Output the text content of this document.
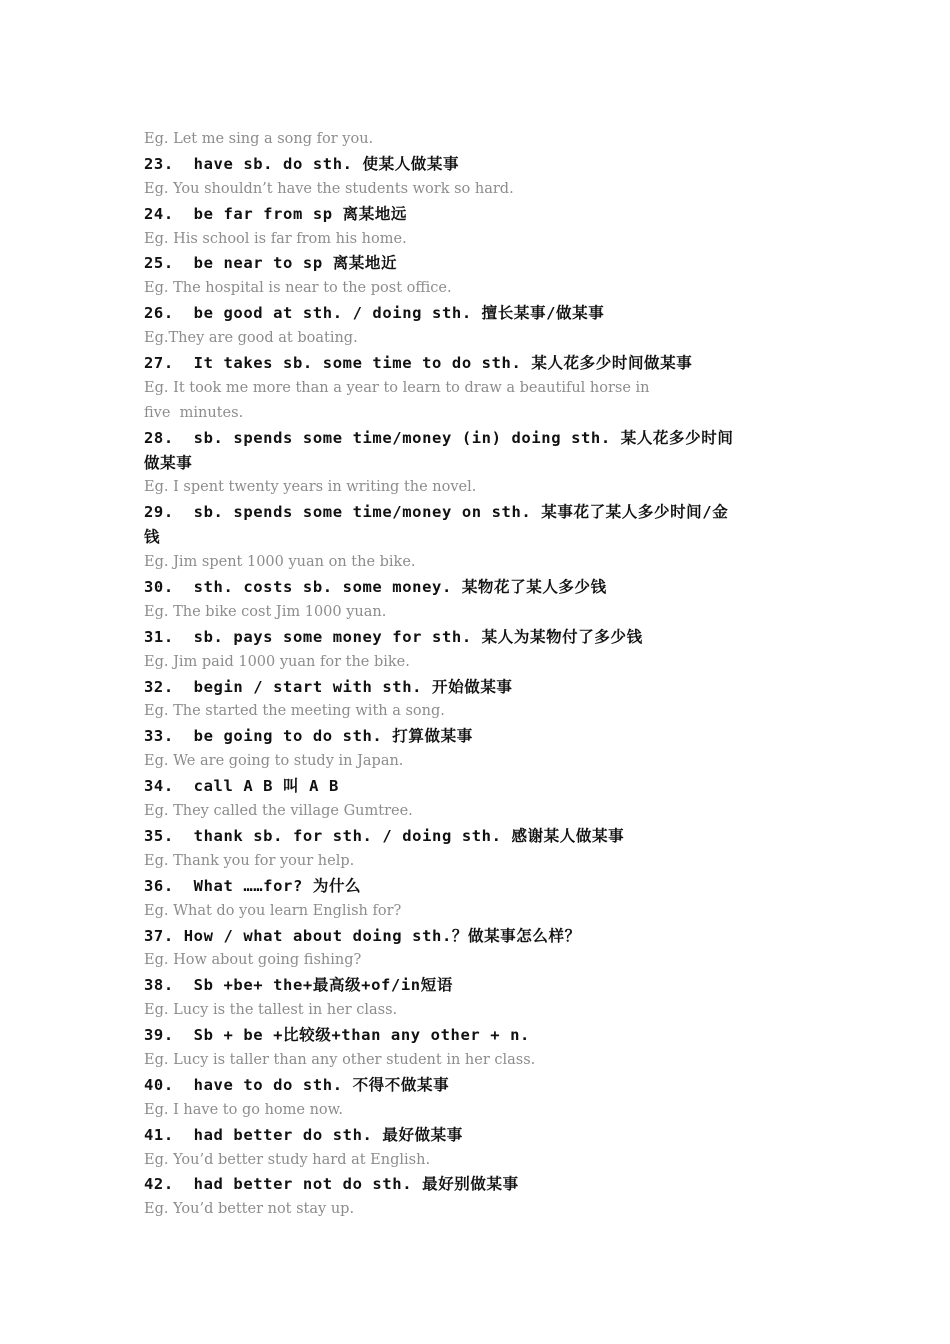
Eg. Let me sing a song for you.
23.  have sb. do sth. 使某人做某事
Eg. You shouldn’t have the students work so hard.
24.  be far from sp 离某地远
Eg. His school is far from his home.
25.  be near to sp 离某地近
Eg. The hospital is near to the post office.
26.  be good at sth. / doing sth. 擅长某事/做某事
Eg.They are good at boating.
27.  It takes sb. some time to do sth. 某人花多少时间做某事
Eg. It took me more than a year to learn to draw a beautiful horse in
five  minutes.
28.  sb. spends some time/money (in) doing sth. 某人花多少时间
做某事
Eg. I spent twenty years in writing the novel.
29.  sb. spends some time/money on sth. 某事花了某人多少时间/金
钱
Eg. Jim spent 1000 yuan on the bike.
30.  sth. costs sb. some money. 某物花了某人多少钱
Eg. The bike cost Jim 1000 yuan.
31.  sb. pays some money for sth. 某人为某物付了多少钱
Eg. Jim paid 1000 yuan for the bike.
32.  begin / start with sth. 开始做某事
Eg. The started the meeting with a song.
33.  be going to do sth. 打算做某事
Eg. We are going to study in Japan.
34.  call A B 叫 A B
Eg. They called the village Gumtree.
35.  thank sb. for sth. / doing sth. 感谢某人做某事
Eg. Thank you for your help.
36.  What ……for? 为什么
Eg. What do you learn English for?
37. How / what about doing sth.？做某事怎么样？
Eg. How about going fishing?
38.  Sb +be+ the+最高级+of/in短语
Eg. Lucy is the tallest in her class.
39.  Sb + be +比较级+than any other + n.
Eg. Lucy is taller than any other student in her class.
40.  have to do sth. 不得不做某事
Eg. I have to go home now.
41.  had better do sth. 最好做某事
Eg. You’d better study hard at English.
42.  had better not do sth. 最好别做某事
Eg. You’d better not stay up.
